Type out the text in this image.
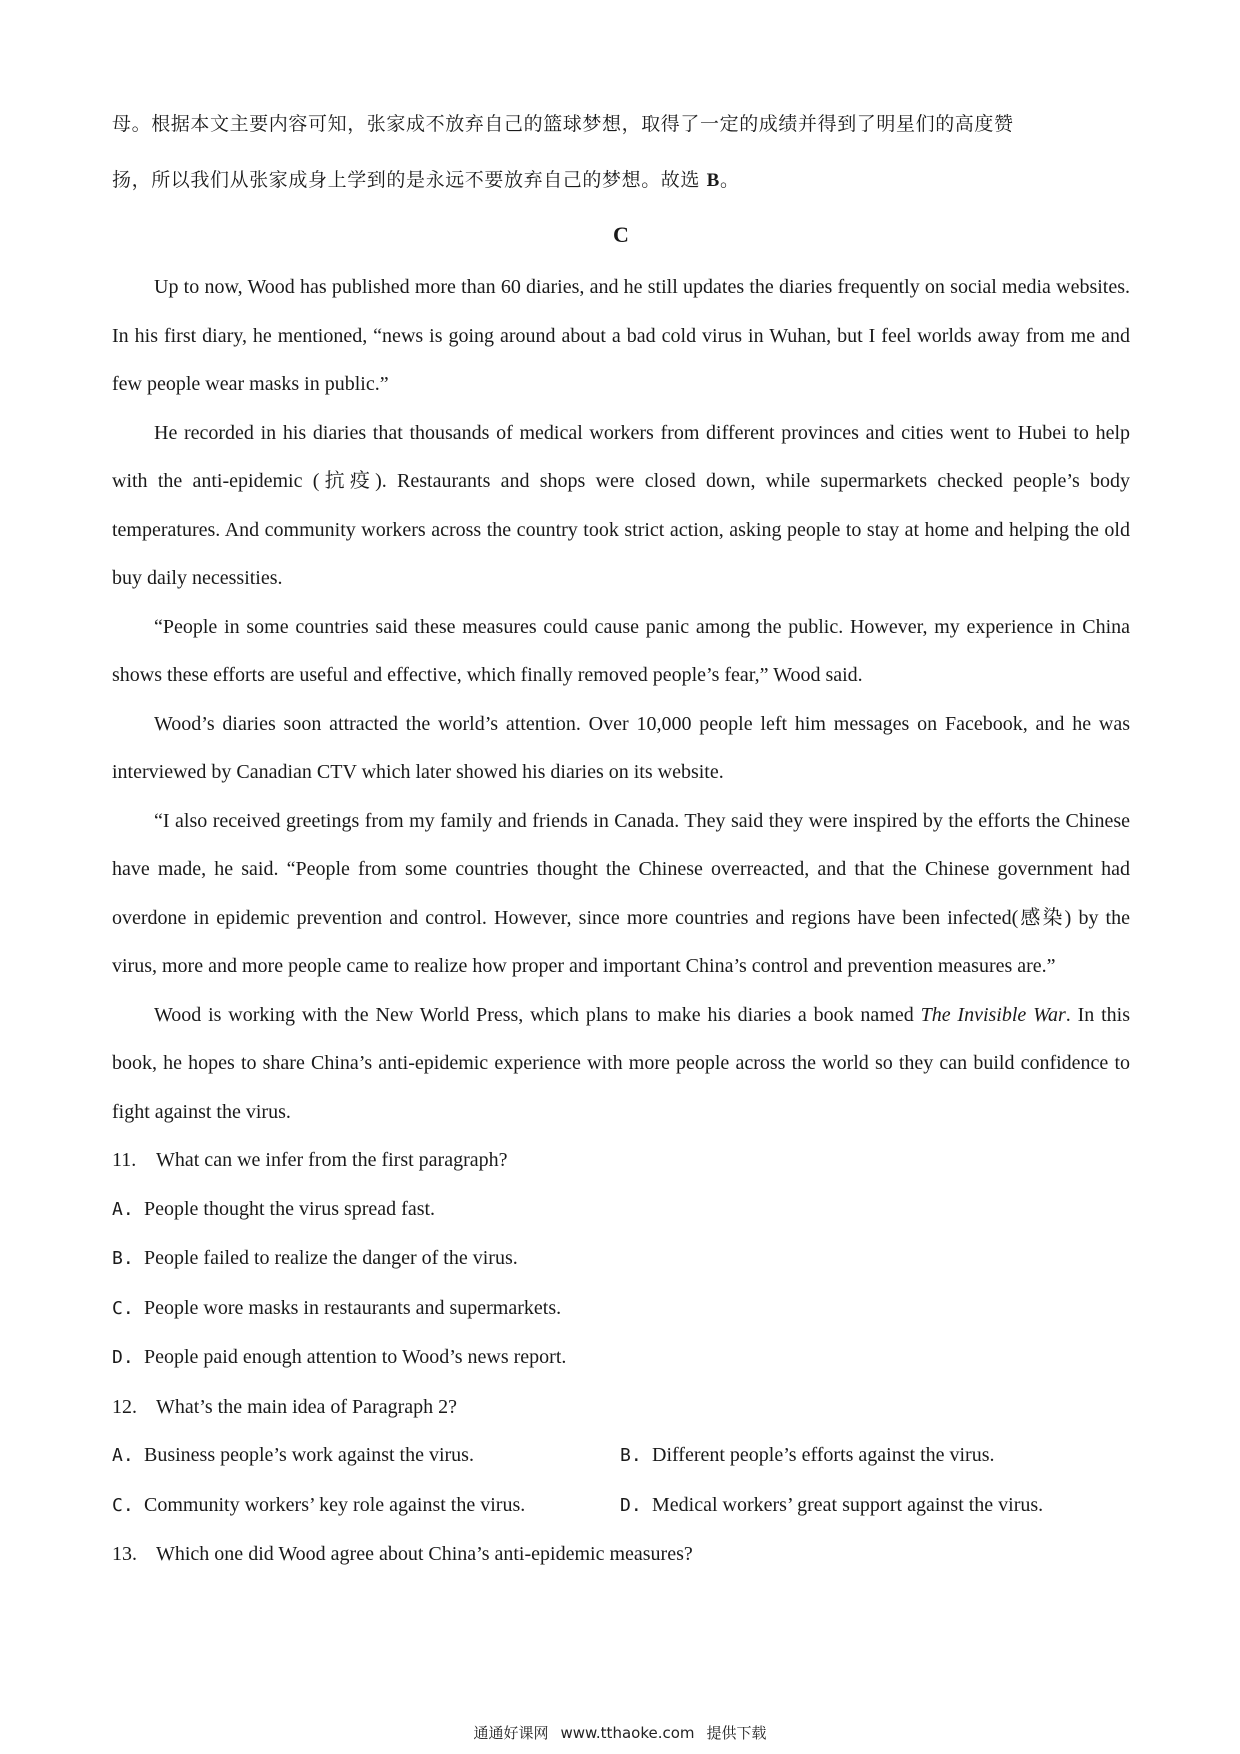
母。根据本文主要内容可知，张家成不放弃自己的篮球梦想，取得了一定的成绩并得到了明星们的高度赞

扬，所以我们从张家成身上学到的是永远不要放弃自己的梦想。故选 B。

C

Up to now, Wood has published more than 60 diaries, and he still updates the diaries frequently on social media websites. In his first diary, he mentioned, “news is going around about a bad cold virus in Wuhan, but I feel worlds away from me and few people wear masks in public.”

He recorded in his diaries that thousands of medical workers from different provinces and cities went to Hubei to help with the anti-epidemic (抗疫). Restaurants and shops were closed down, while supermarkets checked people’s body temperatures. And community workers across the country took strict action, asking people to stay at home and helping the old buy daily necessities.

“People in some countries said these measures could cause panic among the public. However, my experience in China shows these efforts are useful and effective, which finally removed people’s fear,” Wood said.

Wood’s diaries soon attracted the world’s attention. Over 10,000 people left him messages on Facebook, and he was interviewed by Canadian CTV which later showed his diaries on its website.

“I also received greetings from my family and friends in Canada. They said they were inspired by the efforts the Chinese have made, he said. “People from some countries thought the Chinese overreacted, and that the Chinese government had overdone in epidemic prevention and control. However, since more countries and regions have been infected(感染) by the virus, more and more people came to realize how proper and important China’s control and prevention measures are.”

Wood is working with the New World Press, which plans to make his diaries a book named The Invisible War. In this book, he hopes to share China’s anti-epidemic experience with more people across the world so they can build confidence to fight against the virus.

11. What can we infer from the first paragraph?

A. People thought the virus spread fast.

B. People failed to realize the danger of the virus.

C. People wore masks in restaurants and supermarkets.

D. People paid enough attention to Wood’s news report.

12. What’s the main idea of Paragraph 2?

A. Business people’s work against the virus.	B. Different people’s efforts against the virus.
C. Community workers’ key role against the virus.	D. Medical workers’ great support against the virus.

13. Which one did Wood agree about China’s anti-epidemic measures?

通通好课网 www.tthaoke.com 提供下载
